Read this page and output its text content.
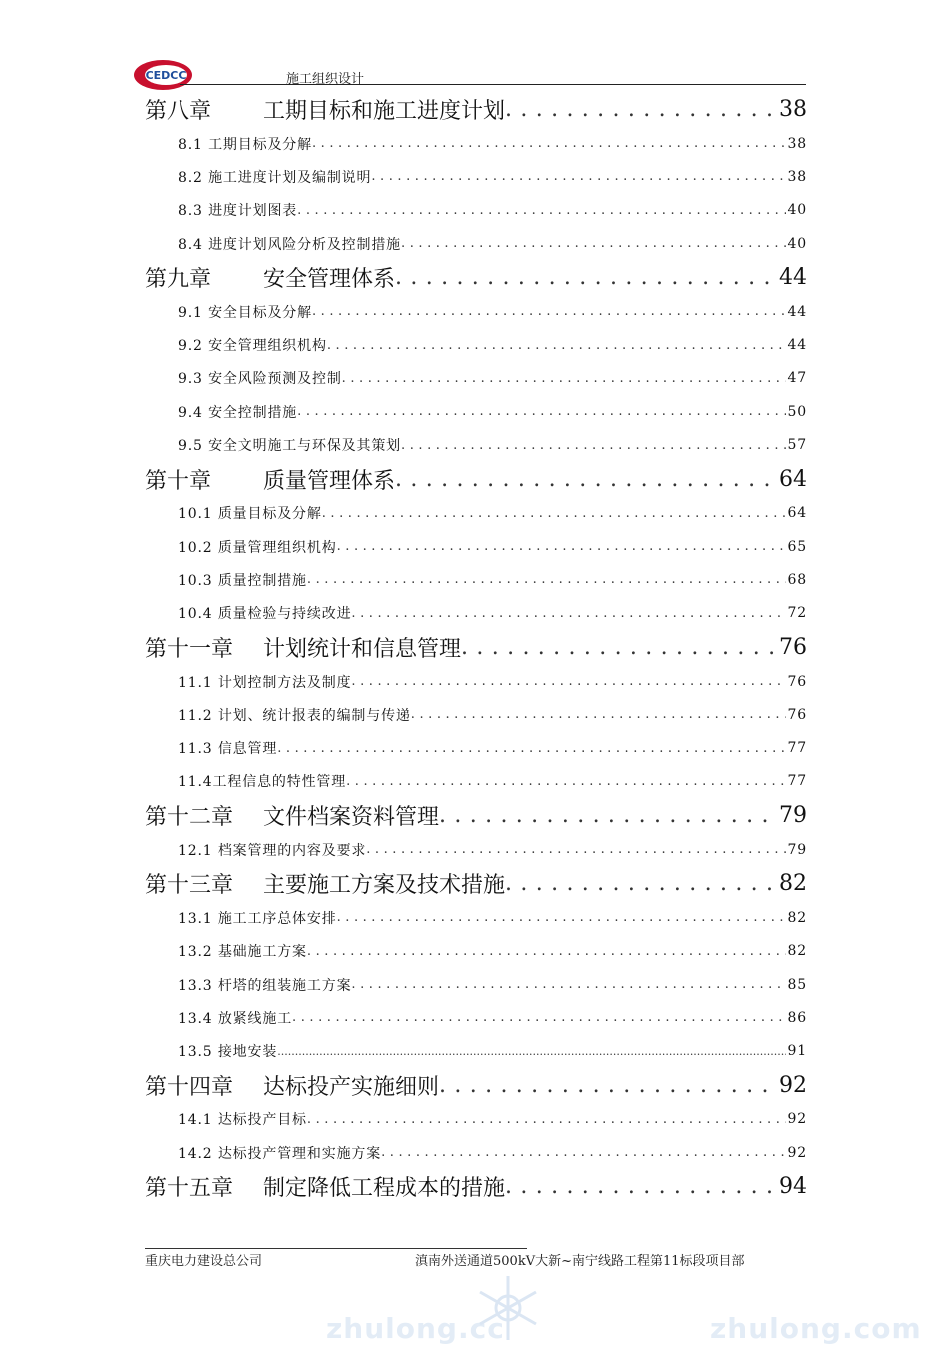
CEDCC	施工组织设计
第八章　 工期目标和施工进度计划 .....	38
8.1 工期目标及分解 .....	38
8.2 施工进度计划及编制说明 .....	38
8.3 进度计划图表 .....	40
8.4 进度计划风险分析及控制措施 .....	40
第九章　 安全管理体系 .....	44
9.1 安全目标及分解 .....	44
9.2 安全管理组织机构 .....	44
9.3 安全风险预测及控制 .....	47
9.4 安全控制措施 .....	50
9.5 安全文明施工与环保及其策划 .....	57
第十章　 质量管理体系 .....	64
10.1 质量目标及分解 .....	64
10.2 质量管理组织机构 .....	65
10.3 质量控制措施 .....	68
10.4 质量检验与持续改进 .....	72
第十一章　 计划统计和信息管理 .....	76
11.1 计划控制方法及制度 .....	76
11.2 计划、统计报表的编制与传递 .....	76
11.3 信息管理 .....	77
11.4工程信息的特性管理 .....	77
第十二章　 文件档案资料管理 .....	79
12.1 档案管理的内容及要求 .....	79
第十三章　 主要施工方案及技术措施 .....	82
13.1 施工工序总体安排 .....	82
13.2 基础施工方案 .....	82
13.3 杆塔的组装施工方案 .....	85
13.4 放紧线施工 .....	86
13.5 接地安装 .....	91
第十四章　 达标投产实施细则 .....	92
14.1 达标投产目标 .....	92
14.2 达标投产管理和实施方案 .....	92
第十五章　 制定降低工程成本的措施 .....	94
重庆电力建设总公司	滇南外送通道500kV大新~南宁线路工程第11标段项目部
zhulong.cc	zhulong.com
